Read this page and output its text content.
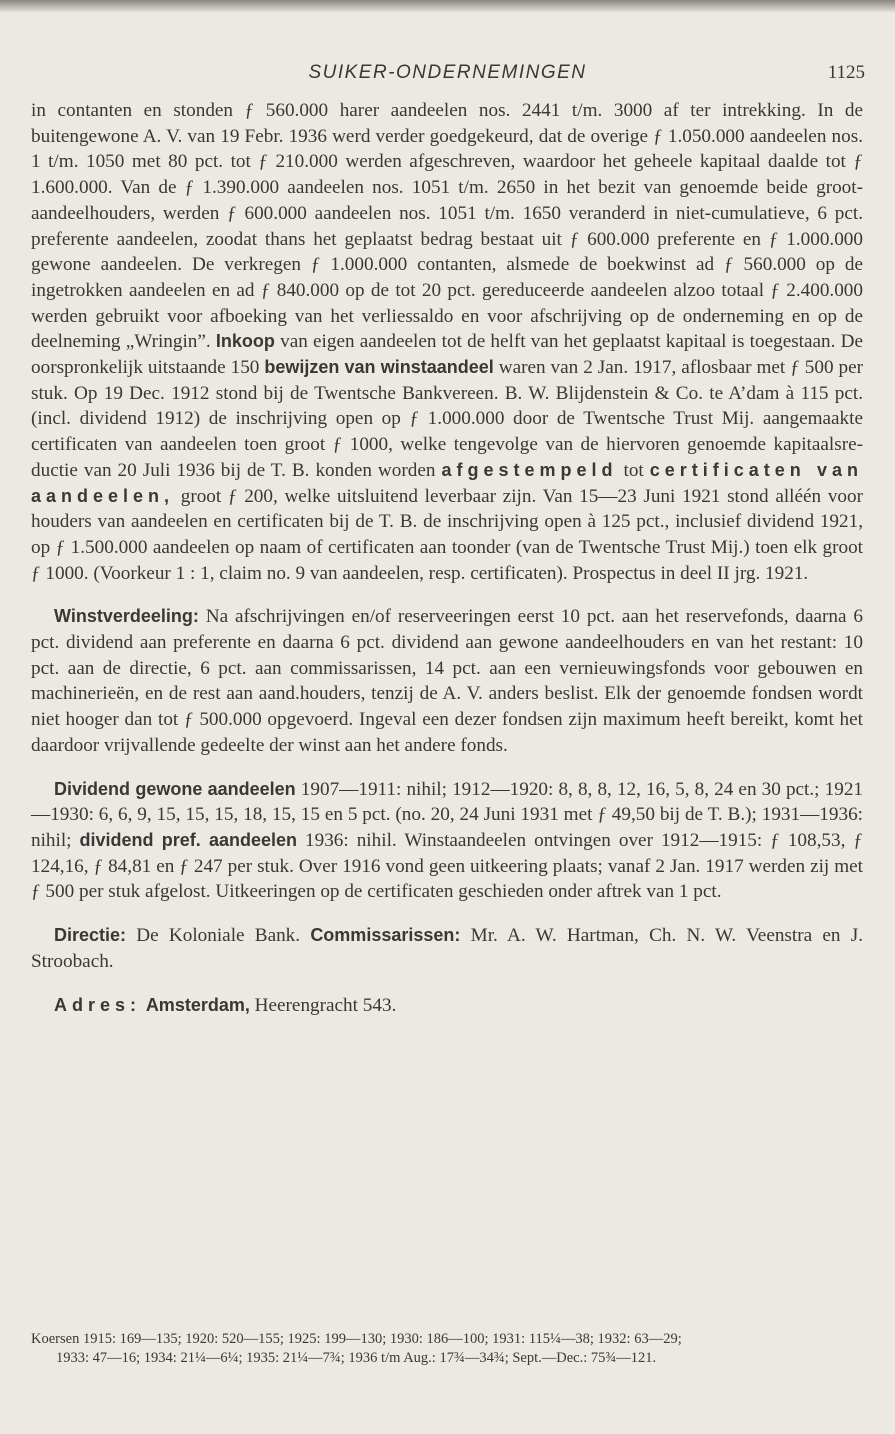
SUIKER-ONDERNEMINGEN	1125

in contanten en stonden ƒ 560.000 harer aandeelen nos. 2441 t/m. 3000 af ter intrekking. In de buitengewone A. V. van 19 Febr. 1936 werd verder goedgekeurd, dat de overige ƒ 1.050.000 aandeelen nos. 1 t/m. 1050 met 80 pct. tot ƒ 210.000 werden afgeschreven, waardoor het geheele kapitaal daalde tot ƒ 1.600.000. Van de ƒ 1.390.000 aandeelen nos. 1051 t/m. 2650 in het bezit van genoemde beide grootaandeelhouders, werden ƒ 600.000 aandeelen nos. 1051 t/m. 1650 veranderd in niet-cumulatieve, 6 pct. preferente aandeelen, zoodat thans het geplaatst bedrag bestaat uit ƒ 600.000 preferente en ƒ 1.000.000 gewone aandeelen. De verkregen ƒ 1.000.000 contanten, alsmede de boekwinst ad ƒ 560.000 op de ingetrokken aandeelen en ad ƒ 840.000 op de tot 20 pct. gereduceerde aandeelen alzoo totaal ƒ 2.400.000 werden gebruikt voor afboeking van het verliessaldo en voor afschrijving op de onderneming en op de deelneming „Wringin”. Inkoop van eigen aandeelen tot de helft van het geplaatst kapitaal is toegestaan. De oorspronkelijk uitstaande 150 bewijzen van winstaandeel waren van 2 Jan. 1917, aflosbaar met ƒ 500 per stuk. Op 19 Dec. 1912 stond bij de Twentsche Bankvereen. B. W. Blijdenstein & Co. te A’dam à 115 pct. (incl. dividend 1912) de inschrijving open op ƒ 1.000.000 door de Twentsche Trust Mij. aangemaakte certificaten van aandeelen toen groot ƒ 1000, welke tengevolge van de hiervoren genoemde kapitaalsreductie van 20 Juli 1936 bij de T. B. konden worden afgestempeld tot certificaten van aandeelen, groot ƒ 200, welke uitsluitend leverbaar zijn. Van 15—23 Juni 1921 stond alléén voor houders van aandeelen en certificaten bij de T. B. de inschrijving open à 125 pct., inclusief dividend 1921, op ƒ 1.500.000 aandeelen op naam of certificaten aan toonder (van de Twentsche Trust Mij.) toen elk groot ƒ 1000. (Voorkeur 1 : 1, claim no. 9 van aandeelen, resp. certificaten). Prospectus in deel II jrg. 1921.

Winstverdeeling: Na afschrijvingen en/of reserveeringen eerst 10 pct. aan het reservefonds, daarna 6 pct. dividend aan preferente en daarna 6 pct. dividend aan gewone aandeelhouders en van het restant: 10 pct. aan de directie, 6 pct. aan commissarissen, 14 pct. aan een vernieuwingsfonds voor gebouwen en machinerieën, en de rest aan aand.houders, tenzij de A. V. anders beslist. Elk der genoemde fondsen wordt niet hooger dan tot ƒ 500.000 opgevoerd. Ingeval een dezer fondsen zijn maximum heeft bereikt, komt het daardoor vrijvallende gedeelte der winst aan het andere fonds.

Dividend gewone aandeelen 1907—1911: nihil; 1912—1920: 8, 8, 8, 12, 16, 5, 8, 24 en 30 pct.; 1921—1930: 6, 6, 9, 15, 15, 15, 18, 15, 15 en 5 pct. (no. 20, 24 Juni 1931 met ƒ 49,50 bij de T. B.); 1931—1936: nihil; dividend pref. aandeelen 1936: nihil. Winstaandeelen ontvingen over 1912—1915: ƒ 108,53, ƒ 124,16, ƒ 84,81 en ƒ 247 per stuk. Over 1916 vond geen uitkeering plaats; vanaf 2 Jan. 1917 werden zij met ƒ 500 per stuk afgelost. Uitkeeringen op de certificaten geschieden onder aftrek van 1 pct.

Directie: De Koloniale Bank. Commissarissen: Mr. A. W. Hartman, Ch. N. W. Veenstra en J. Stroobach.

Adres: Amsterdam, Heerengracht 543.

Koersen 1915: 169—135; 1920: 520—155; 1925: 199—130; 1930: 186—100; 1931: 115¼—38; 1932: 63—29;

1933: 47—16; 1934: 21¼—6¼; 1935: 21¼—7¾; 1936 t/m Aug.: 17¾—34¾; Sept.—Dec.: 75¾—121.
